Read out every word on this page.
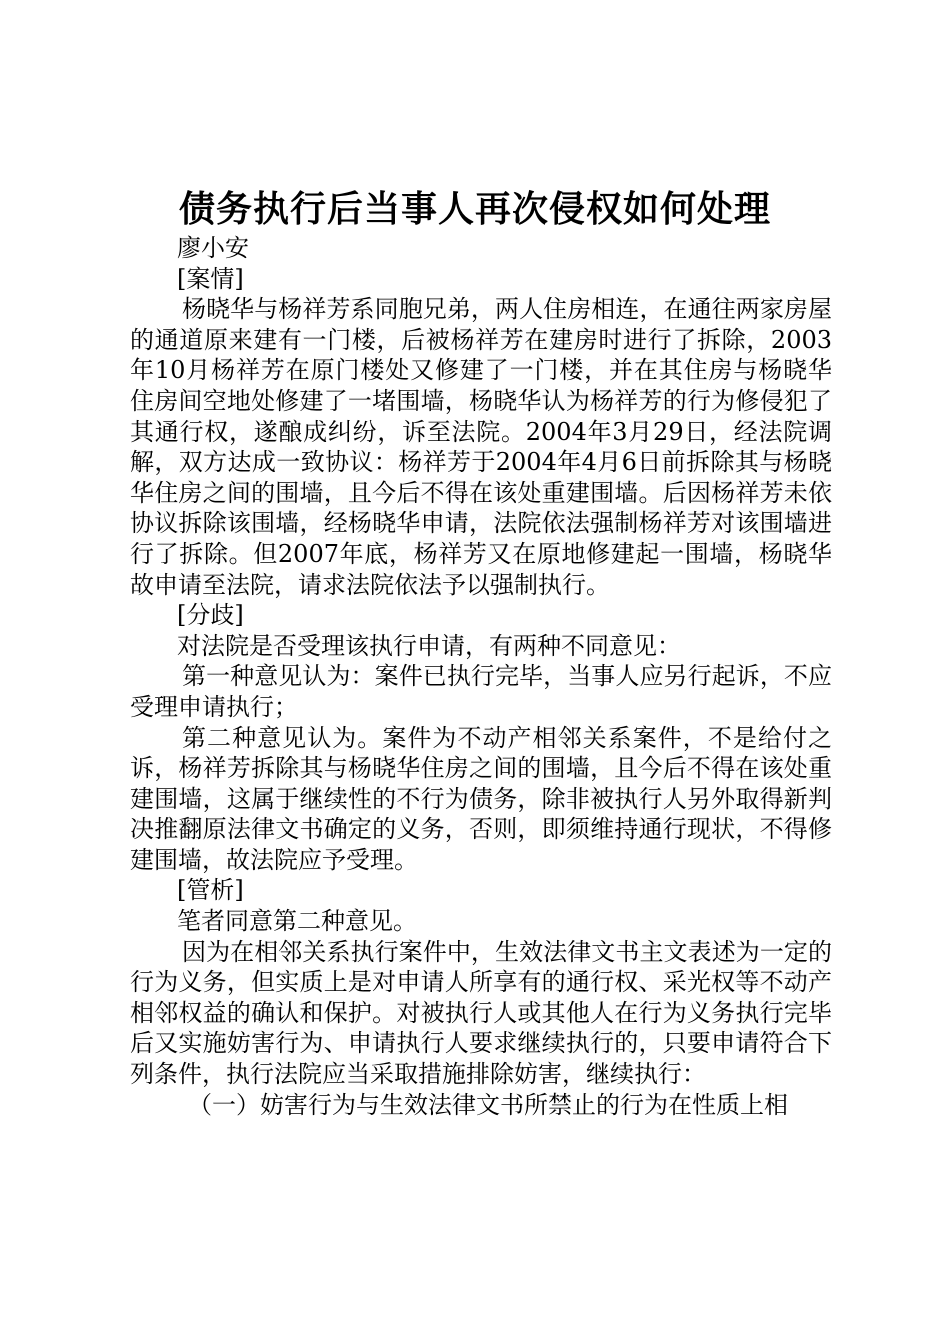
债务执行后当事人再次侵权如何处理

廖小安

[案情]

杨晓华与杨祥芳系同胞兄弟，两人住房相连，在通往两家房屋的通道原来建有一门楼，后被杨祥芳在建房时进行了拆除，2003年10月杨祥芳在原门楼处又修建了一门楼，并在其住房与杨晓华住房间空地处修建了一堵围墙，杨晓华认为杨祥芳的行为修侵犯了其通行权，遂酿成纠纷，诉至法院。2004年3月29日，经法院调解，双方达成一致协议：杨祥芳于2004年4月6日前拆除其与杨晓华住房之间的围墙，且今后不得在该处重建围墙。后因杨祥芳未依协议拆除该围墙，经杨晓华申请，法院依法强制杨祥芳对该围墙进行了拆除。但2007年底，杨祥芳又在原地修建起一围墙，杨晓华故申请至法院，请求法院依法予以强制执行。

[分歧]

对法院是否受理该执行申请，有两种不同意见：

第一种意见认为：案件已执行完毕，当事人应另行起诉，不应受理申请执行；

第二种意见认为。案件为不动产相邻关系案件，不是给付之诉，杨祥芳拆除其与杨晓华住房之间的围墙，且今后不得在该处重建围墙，这属于继续性的不行为债务，除非被执行人另外取得新判决推翻原法律文书确定的义务，否则，即须维持通行现状，不得修建围墙，故法院应予受理。

[管析]

笔者同意第二种意见。

因为在相邻关系执行案件中，生效法律文书主文表述为一定的行为义务，但实质上是对申请人所享有的通行权、采光权等不动产相邻权益的确认和保护。对被执行人或其他人在行为义务执行完毕后又实施妨害行为、申请执行人要求继续执行的，只要申请符合下列条件，执行法院应当采取措施排除妨害，继续执行：

（一）妨害行为与生效法律文书所禁止的行为在性质上相
